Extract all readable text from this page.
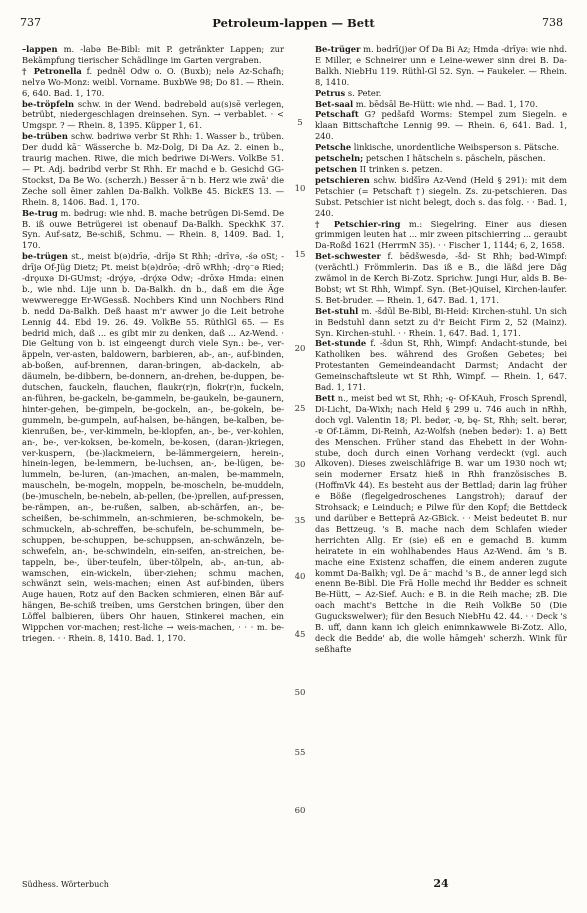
737	Petroleum-lappen — Bett	738

–lappen m. -labə Be-Bibl: mit P. getränkter Lappen; zur Bekämpfung tierischer Schädlinge im Garten vergraben.

† Petronella f. pedněl Odw o. O. (Buxb); nelə Az-Schafh; nelʏə Wo-Monz: weibl. Vorname. BuxbWe 98; Do 81. — Rhein. 6, 640. Bad. 1, 170.

be-tröpfeln schw. in der Wend. bədrebəld au(s)sē verlegen, betrübt, niedergeschlagen dreinsehen. Syn. → verbablet. · < Umgspr. ? — Rhein. 8, 1395. Küpper 1, 61.

be-trüben schw. bədriwə verbr St Rhh: 1. Wasser b., trüben. Der dudd kā⁻ Wässerche b. Mz-Dolg, Di Da Az. 2. einen b., traurig machen. Riwe, die mich bedriwe Di-Wers. VolkBe 51. — Pt. Adj. bədribd verbr St Rhh. Er machd e b. Gesichd GG-Stockst, Da Be Wo. (scherzh.) Besser ā⁻n b. Herz wie zwā' die Zeche soll ēiner zahlen Da-Balkh. VolkBe 45. BickES 13. — Rhein. 8, 1406. Bad. 1, 170.

Be-trug m. bədrug: wie nhd. B. mache betrügen Di-Semd. De B. iß ouwe Betrügerei ist obenauf Da-Balkh. SpeckhK 37. Syn. Auf-satz, Be-schiß, Schmu. — Rhein. 8, 1409. Bad. 1, 170.

be-trügen st., meist b(ə)drīə, -drījə St Rhh; -drīʏə, -śə oSt; -drījə Of-Jüg Dietz; Pt. meist b(ə)drōə; -drō wRhh; -drǫ⁻ə Ried; -drǫuxə Di-GUmst; -drǫ́yə, -drǫ́xə Odw; -drōxə Hmda: einen b., wie nhd. Lije unn b. Da-Balkh. dn b., daß em die Äge wewweregge Er-WGessß. Nochbers Kind unn Nochbers Rind b. nedd Da-Balkh. Deß haast m'r awwer jo die Leit betrohe Lennig 44. Ebd 19. 26. 49. VolkBe 55. RüthlGl 65. — Es bedrid mich, daß ... es gibt mir zu denken, daß ... Az-Wend. · Die Geltung von b. ist eingeengt durch viele Syn.: be-, ver-äppeln, ver-asten, baldowern, barbieren, ab-, an-, auf-binden, ab-boßen, auf-brennen, daran-bringen, ab-dackeln, ab-däumeln, be-dibbern, be-donnern, an-drehen, be-duppen, be-dutschen, fauckeln, flauchen, flaukr(r)n, flokr(r)n, fuckeln, an-führen, be-gackeln, be-gammeln, be-gaukeln, be-gaunern, hinter-gehen, be-gimpeln, be-gockeln, an-, be-gokeln, be-gummeln, be-gumpeln, auf-halsen, be-hängen, be-kalben, be-kienrußen, be-, ver-kimmeln, be-klopfen, an-, be-, ver-kohlen, an-, be-, ver-koksen, be-komeln, be-kosen, (daran-)kriegen, ver-kuspern, (be-)lackmeiern, be-lämmergeiern, herein-, hinein-legen, be-lemmern, be-luchsen, an-, be-lügen, be-lummeln, be-luren, (an-)machen, an-malen, be-mammeln, mauscheln, be-mogeln, moppeln, be-moscheln, be-muddeln, (be-)muscheln, be-nebeln, ab-pellen, (be-)prellen, auf-pressen, be-rämpen, an-, be-rußen, salben, ab-schärfen, an-, be-scheißen, be-schimmeln, an-schmieren, be-schmokeln, be-schmuckeln, ab-schreffen, be-schufeln, be-schummeln, be-schuppen, be-schuppen, be-schuppsen, an-schwänzeln, be-schwefeln, an-, be-schwindeln, ein-seifen, an-streichen, be-tappeln, be-, über-teufeln, über-tölpeln, ab-, an-tun, ab-wamschen, ein-wickeln, über-ziehen; schmu machen, schwänzt sein, weis-machen; einen Ast auf-binden, übers Auge hauen, Rotz auf den Backen schmieren, einen Bär auf-hängen, Be-schiß treiben, ums Gerstchen bringen, über den Löffel balbieren, übers Ohr hauen, Stinkerei machen, ein Wippchen vor-machen; rest-liche → weis-machen, · · · m. be-triegen. · · Rhein. 8, 1410. Bad. 1, 170.

5
10
15
20
25
30
35
40
45
50
55
60

Be-trüger m. bədrī(j)ər Of Da Bi Az; Hmda -drīyə: wie nhd. E Miller, e Schneirer unn e Leine-wewer sinn drei B. Da-Balkh. NiebHu 119. Rüthl-Gl 52. Syn. → Faukeler. — Rhein. 8, 1410.

Petrus s. Peter.

Bet-saal m. bēdsāl Be-Hütt: wie nhd. — Bad. 1, 170.

Petschaft G? pedšafd Worms: Stempel zum Siegeln. e klaan Bittschaftche Lennig 99. — Rhein. 6, 641. Bad. 1, 240.

Petsche linkische, unordentliche Weibsperson s. Pätsche.

petscheln; petschen I hätscheln s. päscheln, päschen.

petschen II trinken s. petzen.

petschieren schw. bidšīrə Az-Vend (Held § 291): mit dem Petschier (= Petschaft †) siegeln. Zs. zu-petschieren. Das Subst. Petschier ist nicht belegt, doch s. das folg. · · Bad. 1, 240.

† Petschier-ring m.: Siegelring. Einer aus diesen grimmigen leuten hat ... mir zween pitschierring ... geraubt Da-Roßd 1621 (HerrmN 35). · · Fischer 1, 1144; 6, 2, 1658.

Bet-schwester f. bēdšwesdǝ, -šd- St Rhh; bǝd-Wimpf: (verächtl.) Frömmlerin. Das iß e B., die läßd jere Däg zwämol in de Kerch Bi-Zotz. Sprichw. Jungi Hur, alds B. Be-Bobst; wt St Rhh, Wimpf. Syn. (Bet-)Quisel, Kirchen-laufer. S. Bet-bruder. — Rhein. 1, 647. Bad. 1, 171.

Bet-stuhl m. -šdūl Be-Bibl, Bi-Heid: Kirchen-stuhl. Un sich in Bedstuhl dann setzt zu d'r Beicht Firm 2, 52 (Mainz). Syn. Kirchen-stuhl. · · Rhein. 1, 647. Bad. 1, 171.

Bet-stunde f. -šdun St, Rhh, Wimpf: Andacht-stunde, bei Katholiken bes. während des Großen Gebetes; bei Protestanten Gemeindeandacht Darmst; Andacht der Gemeinschaftsleute wt St Rhh, Wimpf. — Rhein. 1, 647. Bad. 1, 171.

Bett n., meist bed wt St, Rhh; -ę- Of-KAuh, Frosch Sprendl, Di-Licht, Da-Wixh; nach Held § 299 u. 746 auch in nRhh, doch vgl. Valentin 18; Pl. bedər, -ɐ, bę- St, Rhh; selt. berər, -ɐ Of-Lämm, Di-Reinh, Az-Wolfsh (neben bedər): 1. a) Bett des Menschen. Früher stand das Ehebett in der Wohn-stube, doch durch einen Vorhang verdeckt (vgl. auch Alkoven). Dieses zweischläfrige B. war um 1930 noch wt; sein moderner Ersatz hieß in Rhh französisches B. (HoffmVk 44). Es besteht aus der Bettlad; darin lag früher e Böße (flegelgedroschenes Langstroh); darauf der Strohsack; e Leinduch; e Pilwe für den Kopf; die Bettdeck und darüber e Betteprā Az-GBick. · · Meist bedeutet B. nur das Bettzeug. 's B. mache nach dem Schlafen wieder herrichten Allg. Er (sie) eß en e gemachd B. kumm heiratete in ein wohlhabendes Haus Az-Wend. ām 's B. mache eine Existenz schaffen, die einem anderen zugute kommt Da-Balkh; vgl. De ā⁻ machd 's B., de anner legd sich enenn Be-Bibl. Die Frā Holle mechd ihr Bedder es schneit Be-Hütt, ~ Az-Sief. Auch: e B. in die Reih mache; zB. Die oach macht's Bettche in die Reih VolkBe 50 (Die Guguckswelwer); für den Besuch NiebHu 42. 44. · · Deck 's B. uff, dann kann ich gleich enimnkawwele Bi-Zotz. Allo, deck die Bedde' ab, die wolle hāmgeh' scherzh. Wink für seßhafte

Südhess. Wörterbuch	24
